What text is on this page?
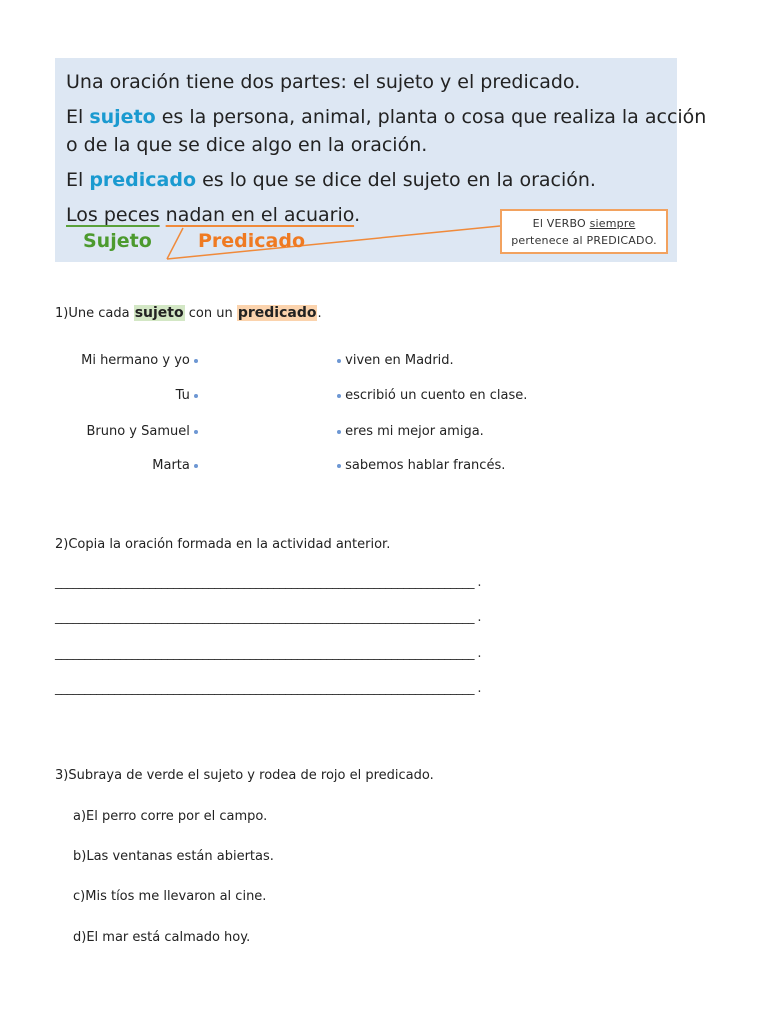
Una oración tiene dos partes: el sujeto y el predicado.
El sujeto es la persona, animal, planta o cosa que realiza la acción
o de la que se dice algo en la oración.
El predicado es lo que se dice del sujeto en la oración.
Los peces nadan en el acuario.
Sujeto Predicado
El VERBO siempre
pertenece al PREDICADO.
1)Une cada sujeto con un predicado.
Mi hermano y yo
Tu
Bruno y Samuel
Marta
viven en Madrid.
escribió un cuento en clase.
eres mi mejor amiga.
sabemos hablar francés.
2)Copia la oración formada en la actividad anterior.
_______________________________________________________________________ .
_______________________________________________________________________ .
_______________________________________________________________________ .
_______________________________________________________________________ .
3)Subraya de verde el sujeto y rodea de rojo el predicado.
a)El perro corre por el campo.
b)Las ventanas están abiertas.
c)Mis tíos me llevaron al cine.
d)El mar está calmado hoy.
